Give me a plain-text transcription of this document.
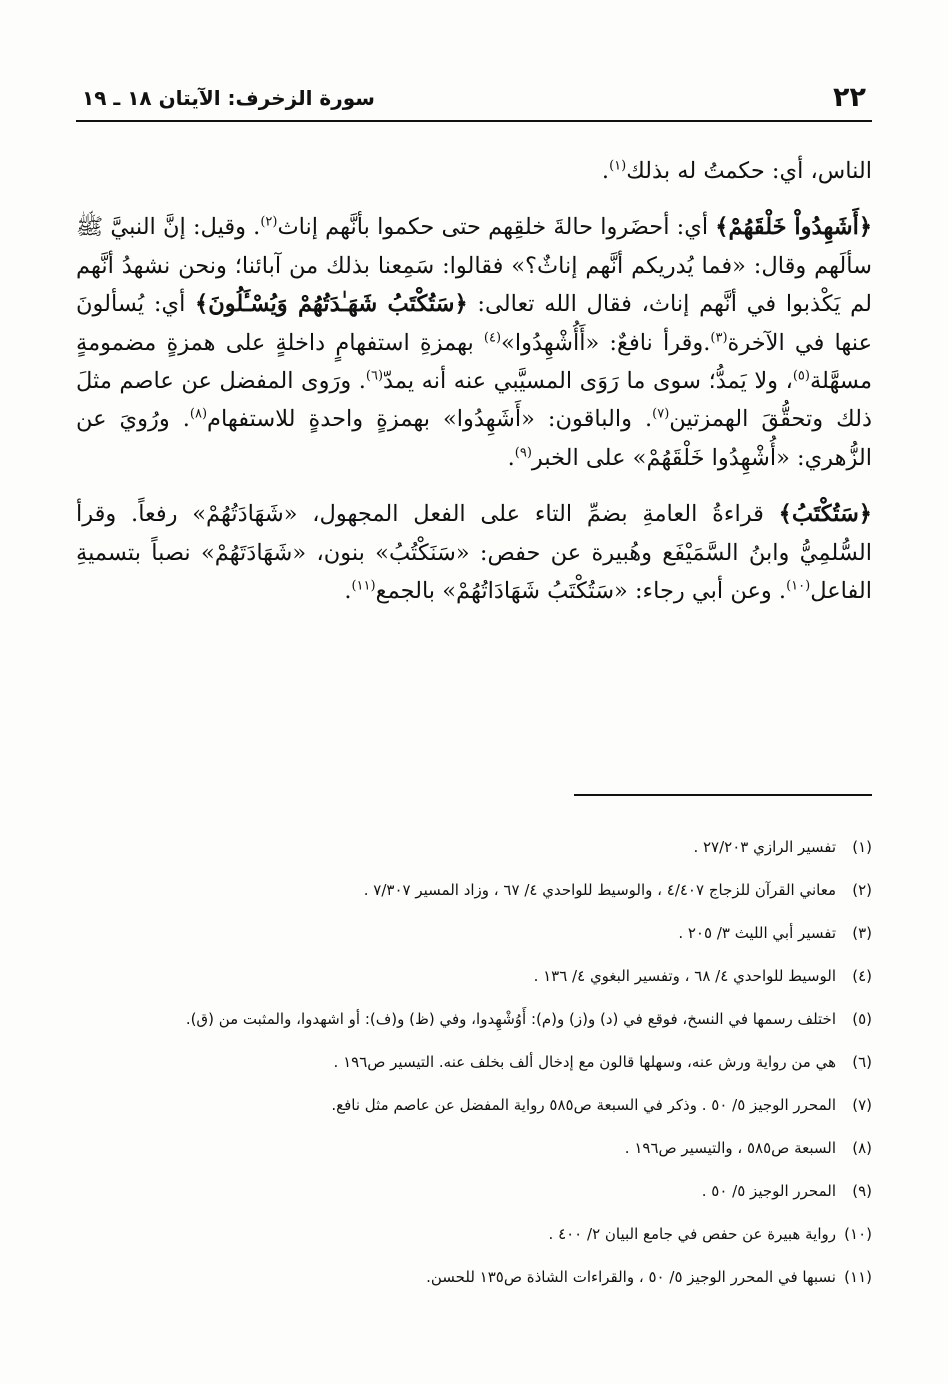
٢٢
سورة الزخرف: الآيتان ١٨ ـ ١٩

الناس، أي: حكمتُ له بذلك$^{(١)}$.

﴿أَشَهِدُواْ خَلْقَهُمْ﴾ أي: أحضَروا حالةَ خلقِهم حتى حكموا بأنَّهم إناث$^{(٢)}$. وقيل: إنَّ النبيَّ ﷺ سألَهم وقال: «فما يُدريكم أنَّهم إناثٌ؟» فقالوا: سَمِعنا بذلك من آبائنا؛ ونحن نشهدُ أنَّهم لم يَكْذبوا في أنَّهم إناث، فقال الله تعالى: ﴿سَتُكْتَبُ شَهَـٰدَتُهُمْ وَيُسْـَٔلُونَ﴾ أي: يُسألونَ عنها في الآخرة$^{(٣)}$.وقرأ نافعٌ: «أَأُشْهِدُوا»$^{(٤)}$ بهمزةِ استفهامٍ داخلةٍ على همزةٍ مضمومةٍ مسهَّلة$^{(٥)}$، ولا يَمدُّ؛ سوى ما رَوَى المسيَّبي عنه أنه يمدّ$^{(٦)}$. ورَوى المفضل عن عاصم مثلَ ذلك وتحقُّقَ الهمزتين$^{(٧)}$. والباقون: «أَشَهِدُوا» بهمزةٍ واحدةٍ للاستفهام$^{(٨)}$. ورُويَ عن الزُّهري: «أُشْهِدُوا خَلْقَهُمْ» على الخبر$^{(٩)}$.

﴿سَتُكْتَبُ﴾ قراءةُ العامةِ بضمِّ التاء على الفعل المجهول، «شَهَادَتُهُمْ» رفعاً. وقرأ السُّلمِيُّ وابنُ السَّمَيْفَع وهُبيرة عن حفص: «سَنَكْتُبُ» بنون، «شَهَادَتَهُمْ» نصباً بتسميةِ الفاعل$^{(١٠)}$. وعن أبي رجاء: «سَتُكْتَبُ شَهَادَاتُهُمْ» بالجمع$^{(١١)}$.

(١)
تفسير الرازي ٢٧/٢٠٣ .

(٢)
معاني القرآن للزجاج ٤/٤٠٧ ، والوسيط للواحدي ٤/ ٦٧ ، وزاد المسير ٧/٣٠٧ .

(٣)
تفسير أبي الليث ٣/ ٢٠٥ .

(٤)
الوسيط للواحدي ٤/ ٦٨ ، وتفسير البغوي ٤/ ١٣٦ .

(٥)
اختلف رسمها في النسخ، فوقع في (د) و(ز) و(م): أَوُشْهِدوا، وفي (ظ) و(ف): أو اشهدوا، والمثبت من (ق).

(٦)
هي من رواية ورش عنه، وسهلها قالون مع إدخال ألف بخلف عنه. التيسير ص١٩٦ .

(٧)
المحرر الوجيز ٥/ ٥٠ . وذكر في السبعة ص٥٨٥ رواية المفضل عن عاصم مثل نافع.

(٨)
السبعة ص٥٨٥ ، والتيسير ص١٩٦ .

(٩)
المحرر الوجيز ٥/ ٥٠ .

(١٠)
رواية هبيرة عن حفص في جامع البيان ٢/ ٤٠٠ .

(١١)
نسبها في المحرر الوجيز ٥/ ٥٠ ، والقراءات الشاذة ص١٣٥ للحسن.
